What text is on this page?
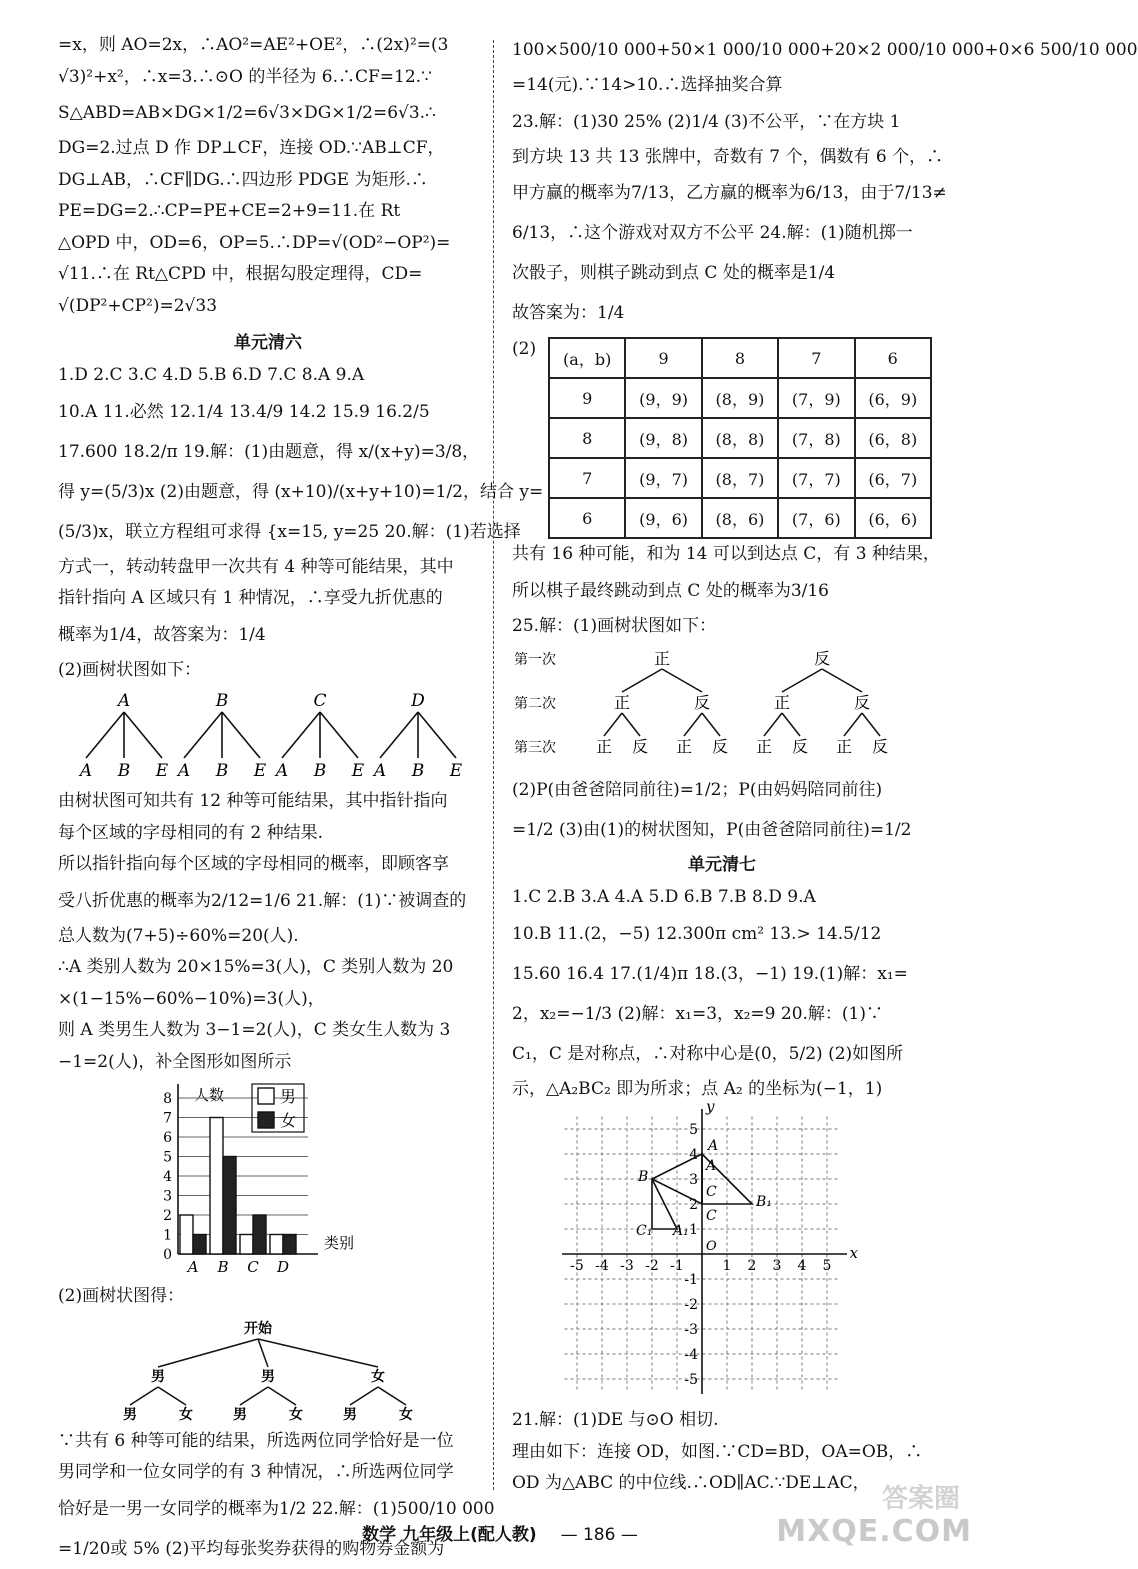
=x，则 AO=2x，∴AO²=AE²+OE²，∴(2x)²=(3

√3)²+x²，∴x=3.∴⊙O 的半径为 6.∴CF=12.∵

S△ABD=AB×DG×1/2=6√3×DG×1/2=6√3.∴

DG=2.过点 D 作 DP⊥CF，连接 OD.∵AB⊥CF，

DG⊥AB，∴CF∥DG.∴四边形 PDGE 为矩形.∴

PE=DG=2.∴CP=PE+CE=2+9=11.在 Rt

△OPD 中，OD=6，OP=5.∴DP=√(OD²−OP²)=

√11.∴在 Rt△CPD 中，根据勾股定理得，CD=

√(DP²+CP²)=2√33

单元清六

1.D 2.C 3.C 4.D 5.B 6.D 7.C 8.A 9.A

10.A 11.必然 12.1/4 13.4/9 14.2 15.9 16.2/5

17.600 18.2/π 19.解：(1)由题意，得 x/(x+y)=3/8，

得 y=(5/3)x (2)由题意，得 (x+10)/(x+y+10)=1/2，结合 y=

(5/3)x，联立方程组可求得 {x=15, y=25 20.解：(1)若选择

方式一，转动转盘甲一次共有 4 种等可能结果，其中

指针指向 A 区域只有 1 种情况，∴享受九折优惠的

概率为1/4，故答案为：1/4

(2)画树状图如下：

A
A B E
B
A B E
C
A B E
D
A B E

由树状图可知共有 12 种等可能结果，其中指针指向

每个区域的字母相同的有 2 种结果.

所以指针指向每个区域的字母相同的概率，即顾客享

受八折优惠的概率为2/12=1/6 21.解：(1)∵被调查的

总人数为(7+5)÷60%=20(人).

∴A 类别人数为 20×15%=3(人)，C 类别人数为 20

×(1−15%−60%−10%)=3(人)，

则 A 类男生人数为 3−1=2(人)，C 类女生人数为 3

−1=2(人)，补全图形如图所示

人数
0
1
2
3
4
5
6
7
8
类别
A B C D
男
女

(2)画树状图得：

开始
男
男	女
男
男	女
女
男	女

∵共有 6 种等可能的结果，所选两位同学恰好是一位

男同学和一位女同学的有 3 种情况，∴所选两位同学

恰好是一男一女同学的概率为1/2 22.解：(1)500/10 000

=1/20或 5% (2)平均每张奖券获得的购物券金额为

100×500/10 000+50×1 000/10 000+20×2 000/10 000+0×6 500/10 000

=14(元).∵14>10.∴选择抽奖合算

23.解：(1)30 25% (2)1/4 (3)不公平，∵在方块 1

到方块 13 共 13 张牌中，奇数有 7 个，偶数有 6 个，∴

甲方赢的概率为7/13，乙方赢的概率为6/13，由于7/13≠

6/13，∴这个游戏对双方不公平 24.解：(1)随机掷一

次骰子，则棋子跳动到点 C 处的概率是1/4

故答案为：1/4

(2) (a，b)	9	8	7	6
9	(9，9)	(8，9)	(7，9)	(6，9)
8	(9，8)	(8，8)	(7，8)	(6，8)
7	(9，7)	(8，7)	(7，7)	(6，7)
6	(9，6)	(8，6)	(7，6)	(6，6)

共有 16 种可能，和为 14 可以到达点 C，有 3 种结果，

所以棋子最终跳动到点 C 处的概率为3/16

25.解：(1)画树状图如下：

第一次
第二次
第三次
正	反
正	反	正	反
正 反 正 反 正 反 正 反

(2)P(由爸爸陪同前往)=1/2；P(由妈妈陪同前往)

=1/2 (3)由(1)的树状图知，P(由爸爸陪同前往)=1/2

单元清七

1.C 2.B 3.A 4.A 5.D 6.B 7.B 8.D 9.A

10.B 11.(2，−5) 12.300π cm² 13.> 14.5/12

15.60 16.4 17.(1/4)π 18.(3，−1) 19.(1)解：x₁=

2，x₂=−1/3 (2)解：x₁=3，x₂=9 20.解：(1)∵

C₁，C 是对称点，∴对称中心是(0，5/2) (2)如图所

示，△A₂BC₂ 即为所求；点 A₂ 的坐标为(−1，1)

x
y
-5 -4 -3 -2 -1	1 2 3 4 5
5
4
3
2
1
-1
-2
-3
-4
-5
O
A
B
C
B₁
C₁ A₁
C
A

21.解：(1)DE 与⊙O 相切.

理由如下：连接 OD，如图.∵CD=BD，OA=OB，∴

OD 为△ABC 的中位线.∴OD∥AC.∵DE⊥AC，

数学 九年级上(配人教) — 186 —
答案圈
MXQE.COM
